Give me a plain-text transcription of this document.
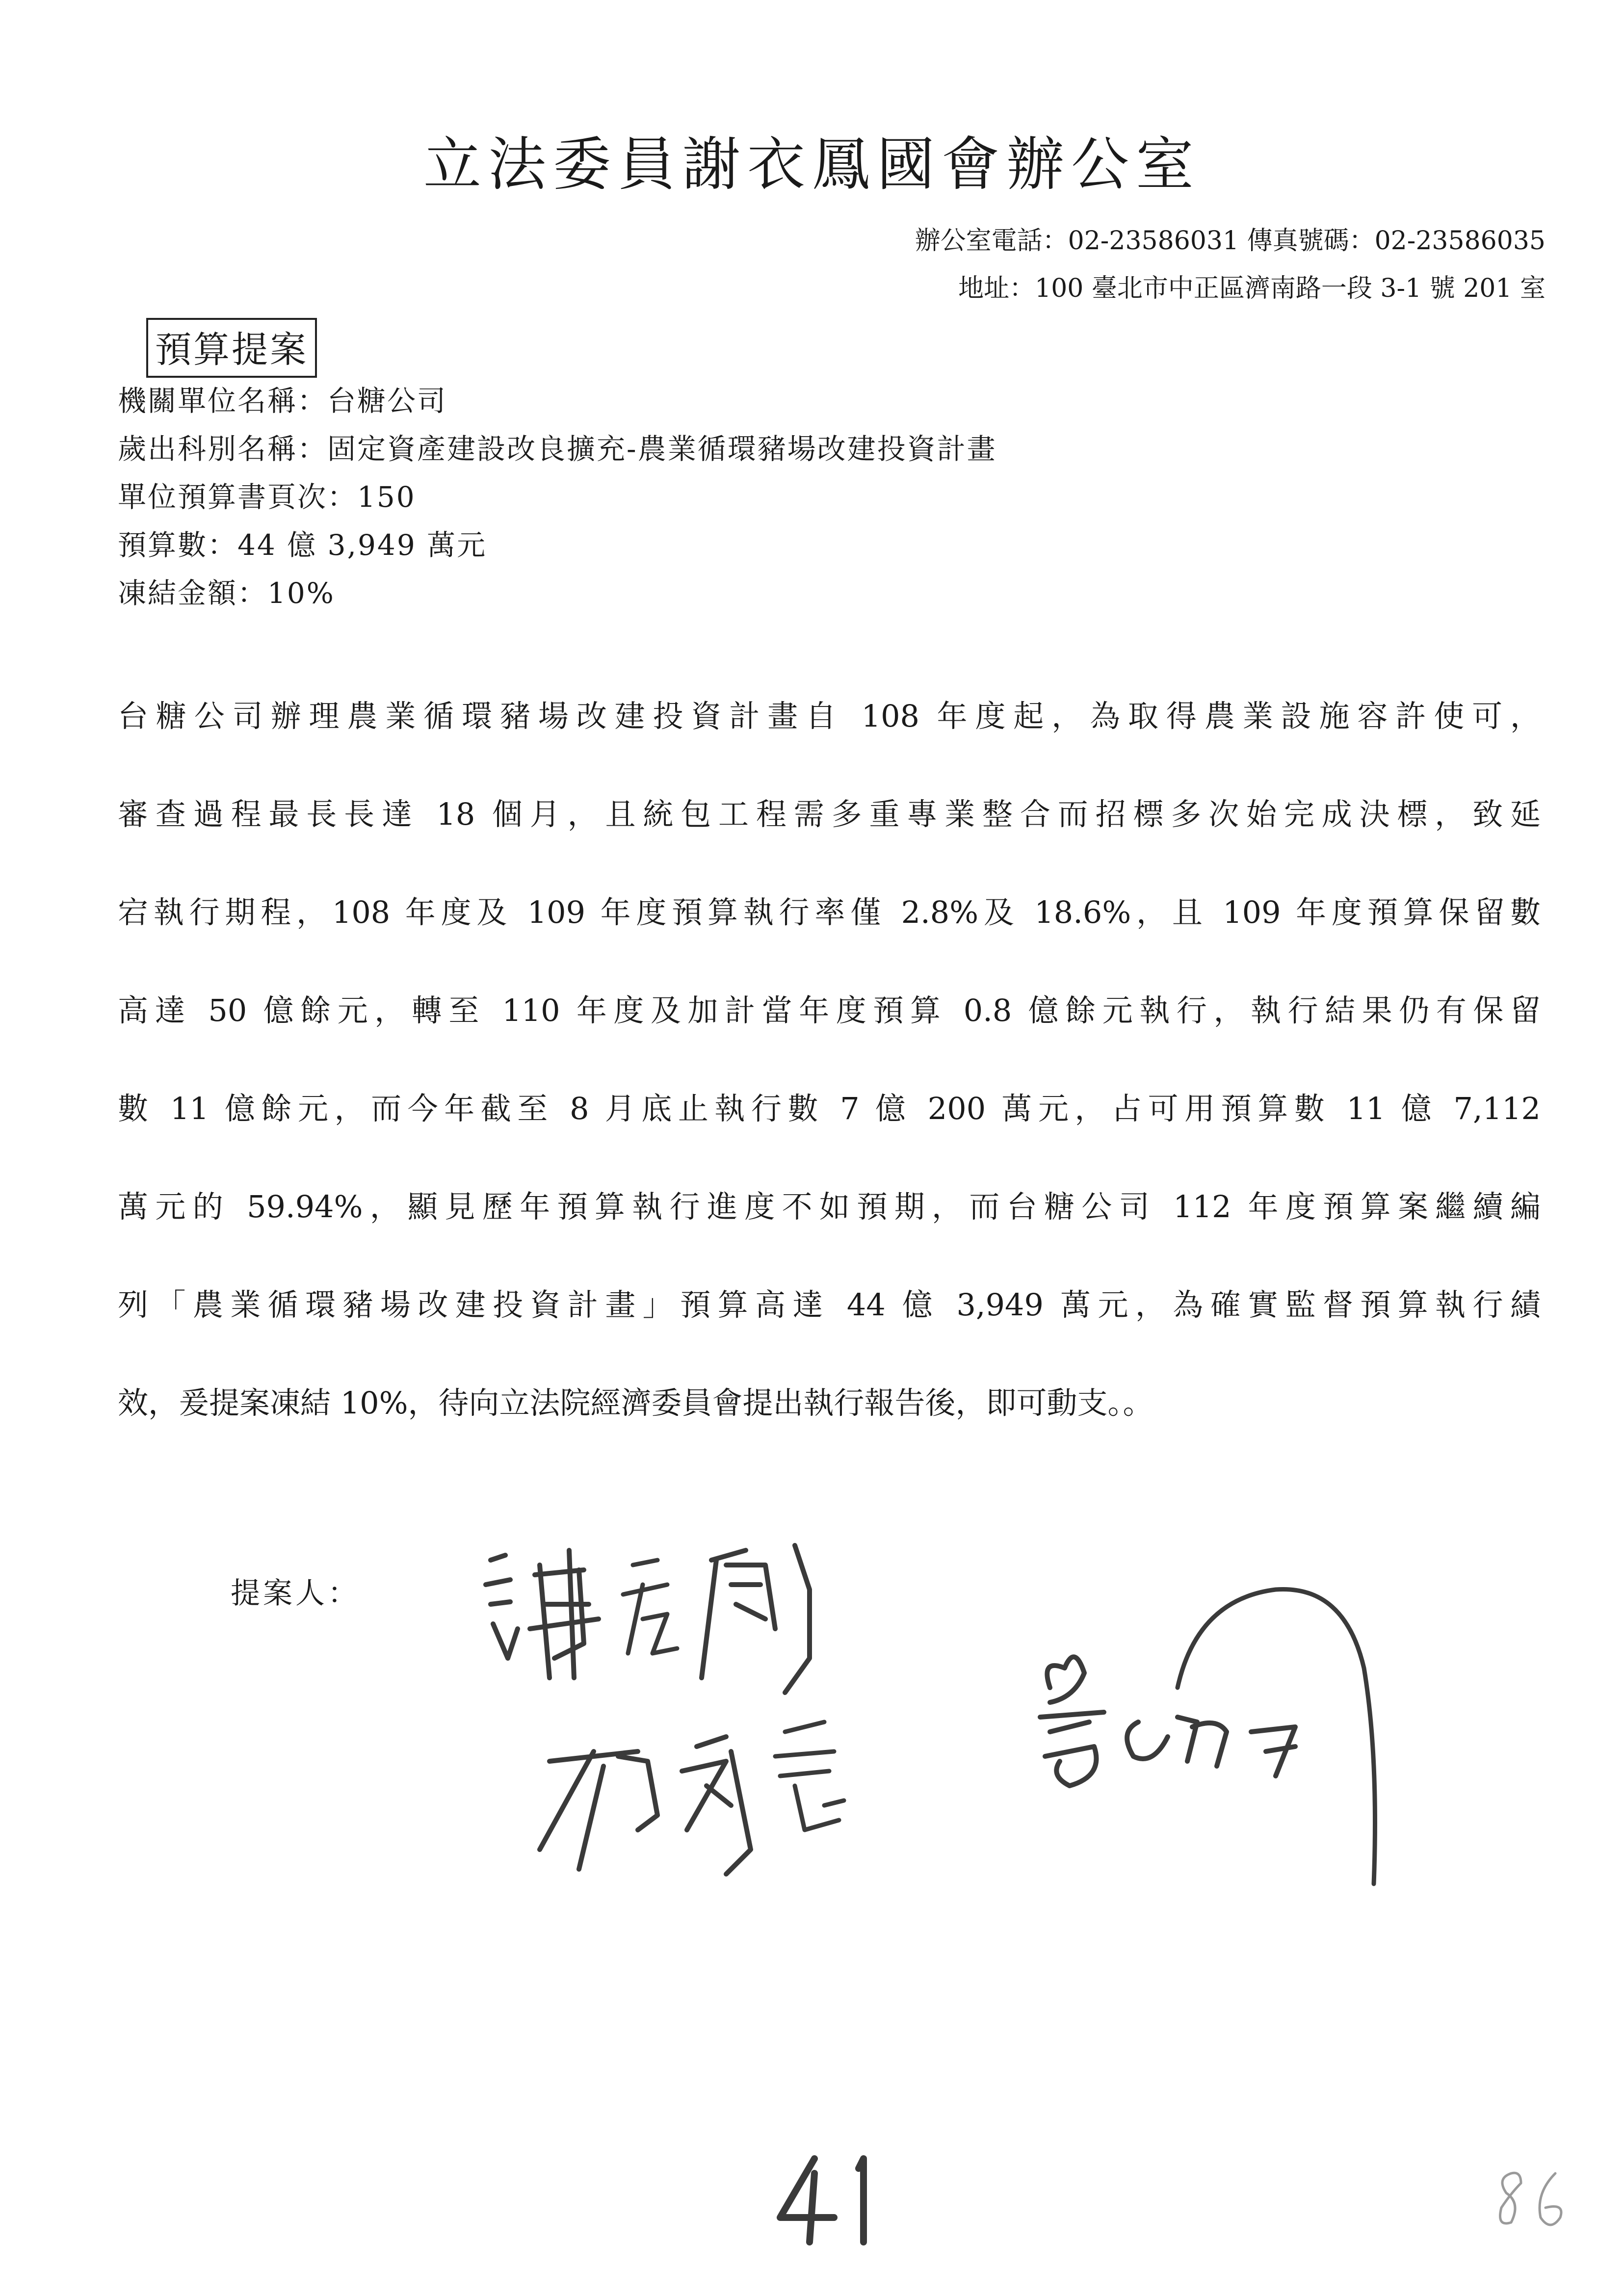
立法委員謝衣鳳國會辦公室
辦公室電話：02-23586031 傳真號碼：02-23586035
地址：100 臺北市中正區濟南路一段 3-1 號 201 室
預算提案
機關單位名稱：台糖公司
歲出科別名稱：固定資產建設改良擴充-農業循環豬場改建投資計畫
單位預算書頁次：150
預算數：44 億 3,949 萬元
凍結金額：10%
台糖公司辦理農業循環豬場改建投資計畫自 108 年度起，為取得農業設施容許使可，
審查過程最長長達 18 個月，且統包工程需多重專業整合而招標多次始完成決標，致延
宕執行期程，108 年度及 109 年度預算執行率僅 2.8%及 18.6%，且 109 年度預算保留數
高達 50 億餘元，轉至 110 年度及加計當年度預算 0.8 億餘元執行，執行結果仍有保留
數 11 億餘元，而今年截至 8 月底止執行數 7 億 200 萬元，占可用預算數 11 億 7,112
萬元的 59.94%，顯見歷年預算執行進度不如預期，而台糖公司 112 年度預算案繼續編
列「農業循環豬場改建投資計畫」預算高達 44 億 3,949 萬元，為確實監督預算執行績
效，爰提案凍結 10%，待向立法院經濟委員會提出執行報告後，即可動支。。
提案人：
